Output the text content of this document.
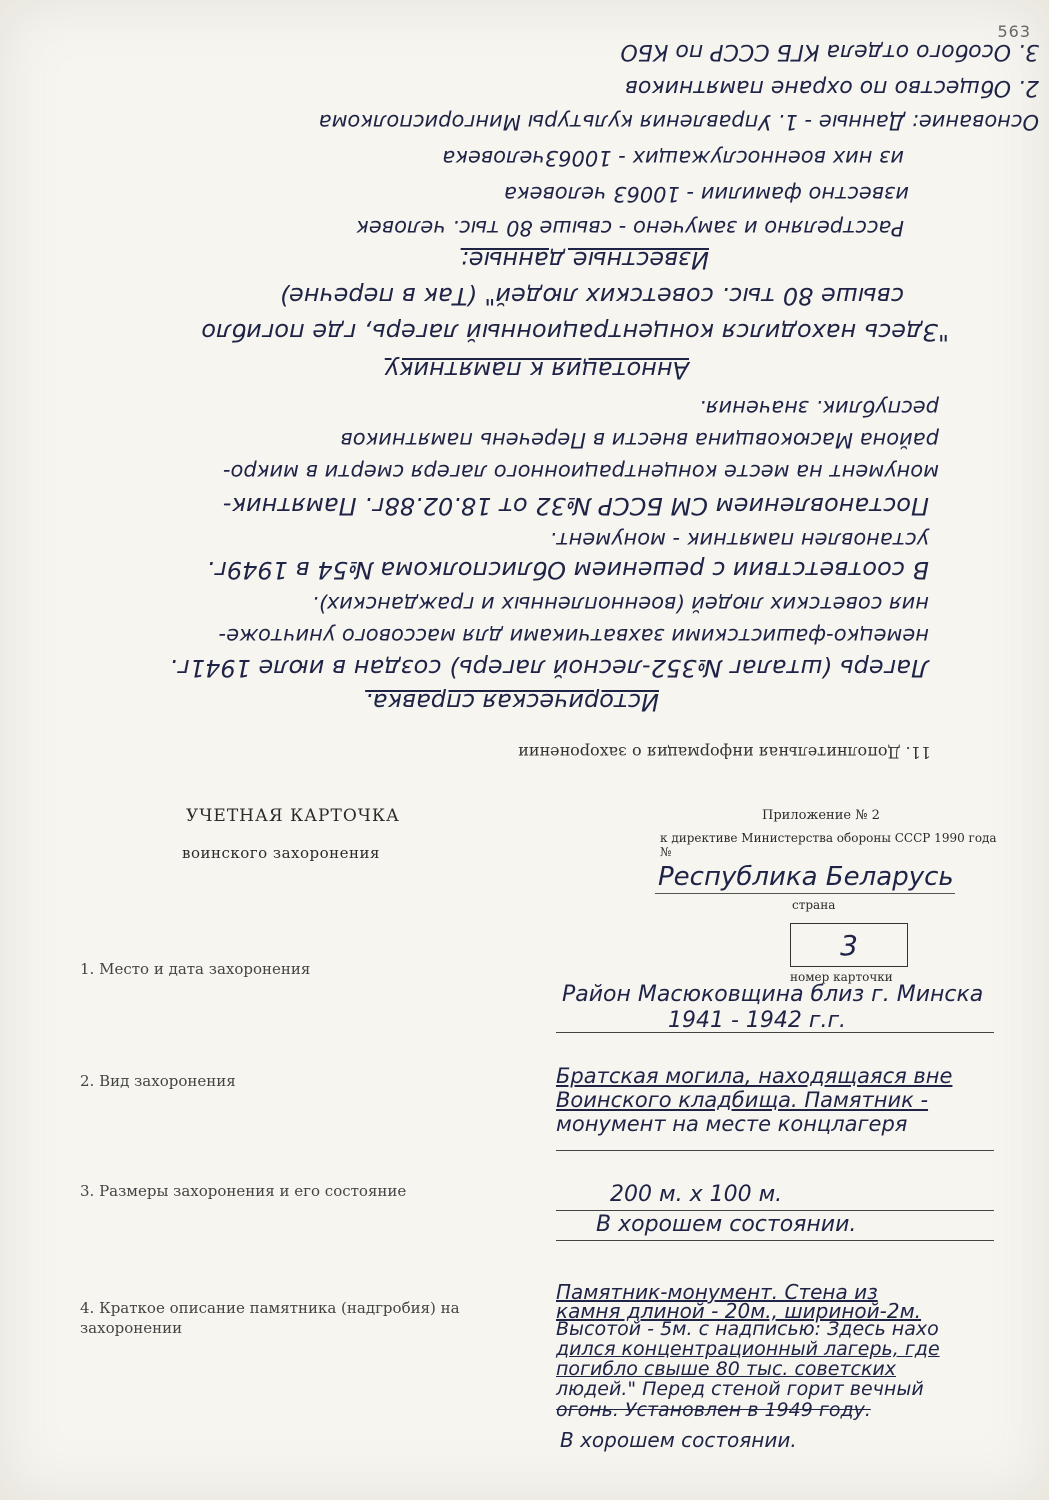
563
3. Особого отдела КГБ СССР по КБО
2. Общество по охране памятников
Основание: Данные - 1. Управления культуры Мингорисполкома
из них военнослужащих - 10063человека
известно фамилии - 10063 человека
Расстреляно и замучено - свыше 80 тыс. человек
Известные данные:
свыше 80 тыс. советских людей" (Так в перечне)
"Здесь находился концентрационный лагерь, где погибло
Аннотация к памятнику
республик. значения.
района Масюковщина внести в Перечень памятников
монумент на месте концентрационного лагеря смерти в микро-
Постановлением СМ БССР №32 от 18.02.88г. Памятник-
установлен памятник - монумент.
В соответствии с решением Облисполкома №54 в 1949г.
ния советских людей (военнопленных и гражданских).
немецко-фашистскими захватчиками для массового уничтоже-
Лагерь (шталаг №352-лесной лагерь) создан в июле 1941г.
Историческая справка.
11. Дополнительная информация о захоронении
УЧЕТНАЯ КАРТОЧКА
воинского захоронения
Приложение № 2
к директиве Министерства обороны СССР 1990 года №
Республика Беларусь
страна
3
номер карточки
1. Место и дата захоронения
Район Масюковщина близ г. Минска
1941 - 1942 г.г.
2. Вид захоронения	Братская могила, находящаяся вне
Воинского кладбища. Памятник -
монумент на месте концлагеря
3. Размеры захоронения и его состояние	200 м. x 100 м.
В хорошем состоянии.
4. Краткое описание памятника (надгробия) на захоронении
Памятник-монумент. Стена из
камня длиной - 20м., шириной-2м.
Высотой - 5м. с надписью: Здесь нахо
дился концентрационный лагерь, где
погибло свыше 80 тыс. советских
людей." Перед стеной горит вечный
огонь. Установлен в 1949 году.
В хорошем состоянии.
